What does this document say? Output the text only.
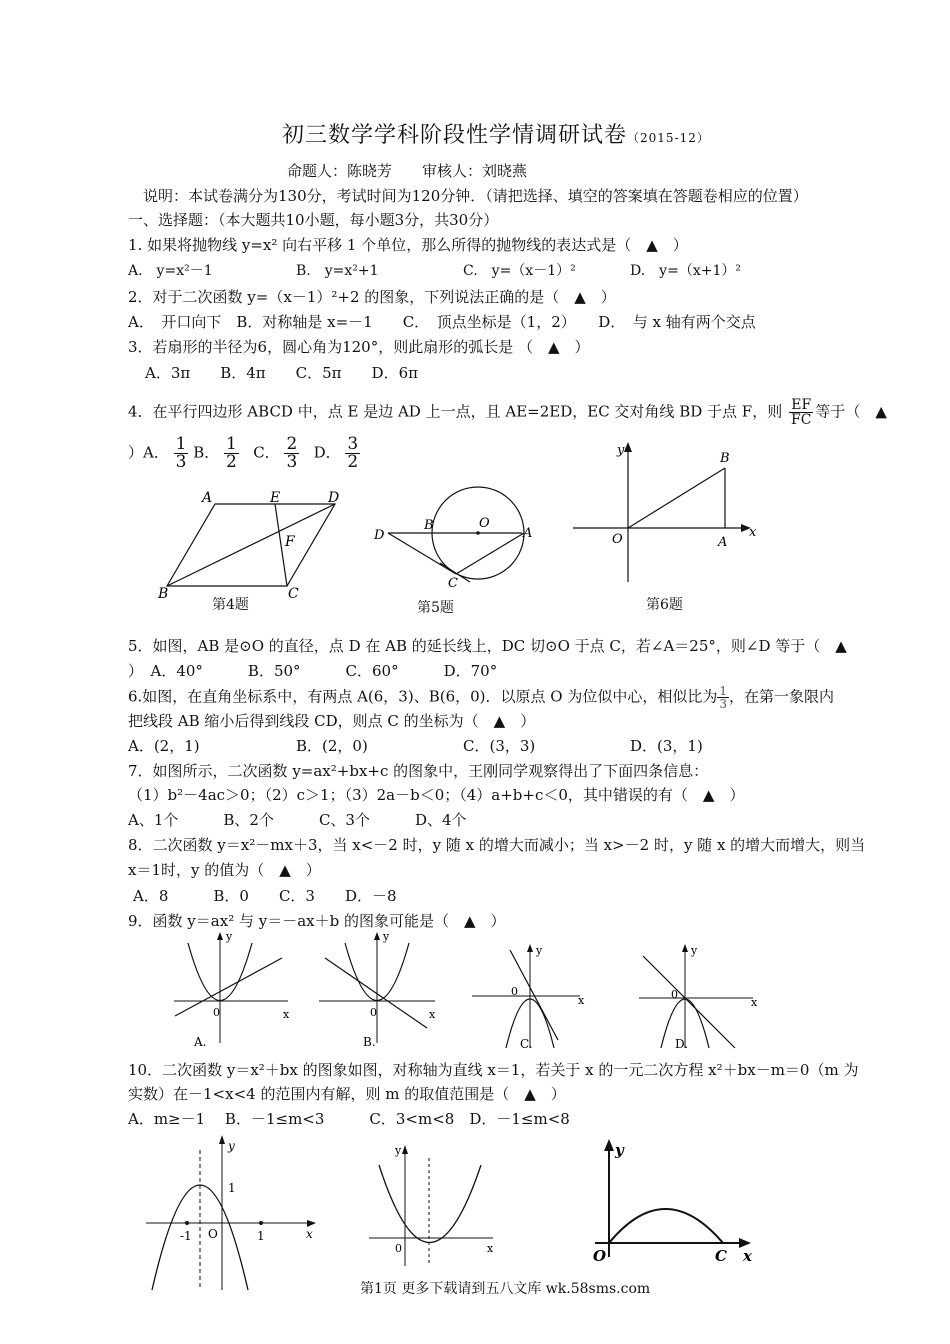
初三数学学科阶段性学情调研试卷（2015-12）
命题人：陈晓芳　　审核人：刘晓燕
说明：本试卷满分为130分，考试时间为120分钟．（请把选择、填空的答案填在答题卷相应的位置）
一、选择题：（本大题共10小题，每小题3分，共30分）
1. 如果将抛物线 y=x² 向右平移 1 个单位，那么所得的抛物线的表达式是（　▲　）
A.　y=x²－1	B.　y=x²+1	C.　y=（x－1）²	D.　y=（x+1）²
2．对于二次函数 y=（x－1）²+2 的图象，下列说法正确的是（　▲　）
A．　开口向下　B．对称轴是 x=－1　　C．　顶点坐标是（1，2）　　D．　与 x 轴有两个交点
3．若扇形的半径为6，圆心角为120°，则此扇形的弧长是 （　▲　）
A．3π　　B．4π　　C．5π　　D．6π
4．在平行四边形 ABCD 中，点 E 是边 AD 上一点，且 AE=2ED，EC 交对角线 BD 于点 F，则 $\frac{EF}{FC}$ 等于（　▲
）A． $\frac{1}{3}$ B． $\frac{1}{2}$ C． $\frac{2}{3}$ D． $\frac{3}{2}$
A	E	D
F
B	C
第4题
D
B	O
A
C
第5题
y
B
O	A
x
第6题
5．如图，AB 是⊙O 的直径，点 D 在 AB 的延长线上，DC 切⊙O 于点 C，若∠A＝25°，则∠D 等于（　▲
）　A．40°　　　B．50°　　　C．60°　　　D．70°
6.如图，在直角坐标系中，有两点 A(6，3)、B(6，0)．以原点 O 为位似中心，相似比为 $\frac{1}{3}$ ，在第一象限内
把线段 AB 缩小后得到线段 CD，则点 C 的坐标为（　▲　）
A．(2，1)	B．(2，0)	C．(3，3)	D．(3，1)
7．如图所示，二次函数 y=ax²+bx+c 的图象中，王刚同学观察得出了下面四条信息：
（1）b²－4ac＞0；（2）c＞1；（3）2a－b＜0；（4）a+b+c＜0，其中错误的有（　▲　）
A、1个　　　B、2个　　　C、3个　　　D、4个
8．二次函数 y＝x²－mx＋3，当 x<－2 时，y 随 x 的增大而减小；当 x>－2 时，y 随 x 的增大而增大，则当
x＝1时，y 的值为（　▲　）
A．8　　　B．0　　C．3　　D．－8
9．函数 y＝ax² 与 y＝－ax＋b 的图象可能是（　▲　）
y
0	x
A.
y
0	x
B.
y
0
x
C.
y
0
x
D.
10．二次函数 y＝x²＋bx 的图象如图，对称轴为直线 x＝1，若关于 x 的一元二次方程 x²＋bx－m＝0（m 为
实数）在－1<x<4 的范围内有解，则 m 的取值范围是（　▲　）
A．m≥－1　 B．－1≤m<3　　　C．3<m<8　D．－1≤m<8
y
1
-1 O	1	x
y
0	x
y
O	C x
第1页 更多下载请到五八文库 wk.58sms.com
